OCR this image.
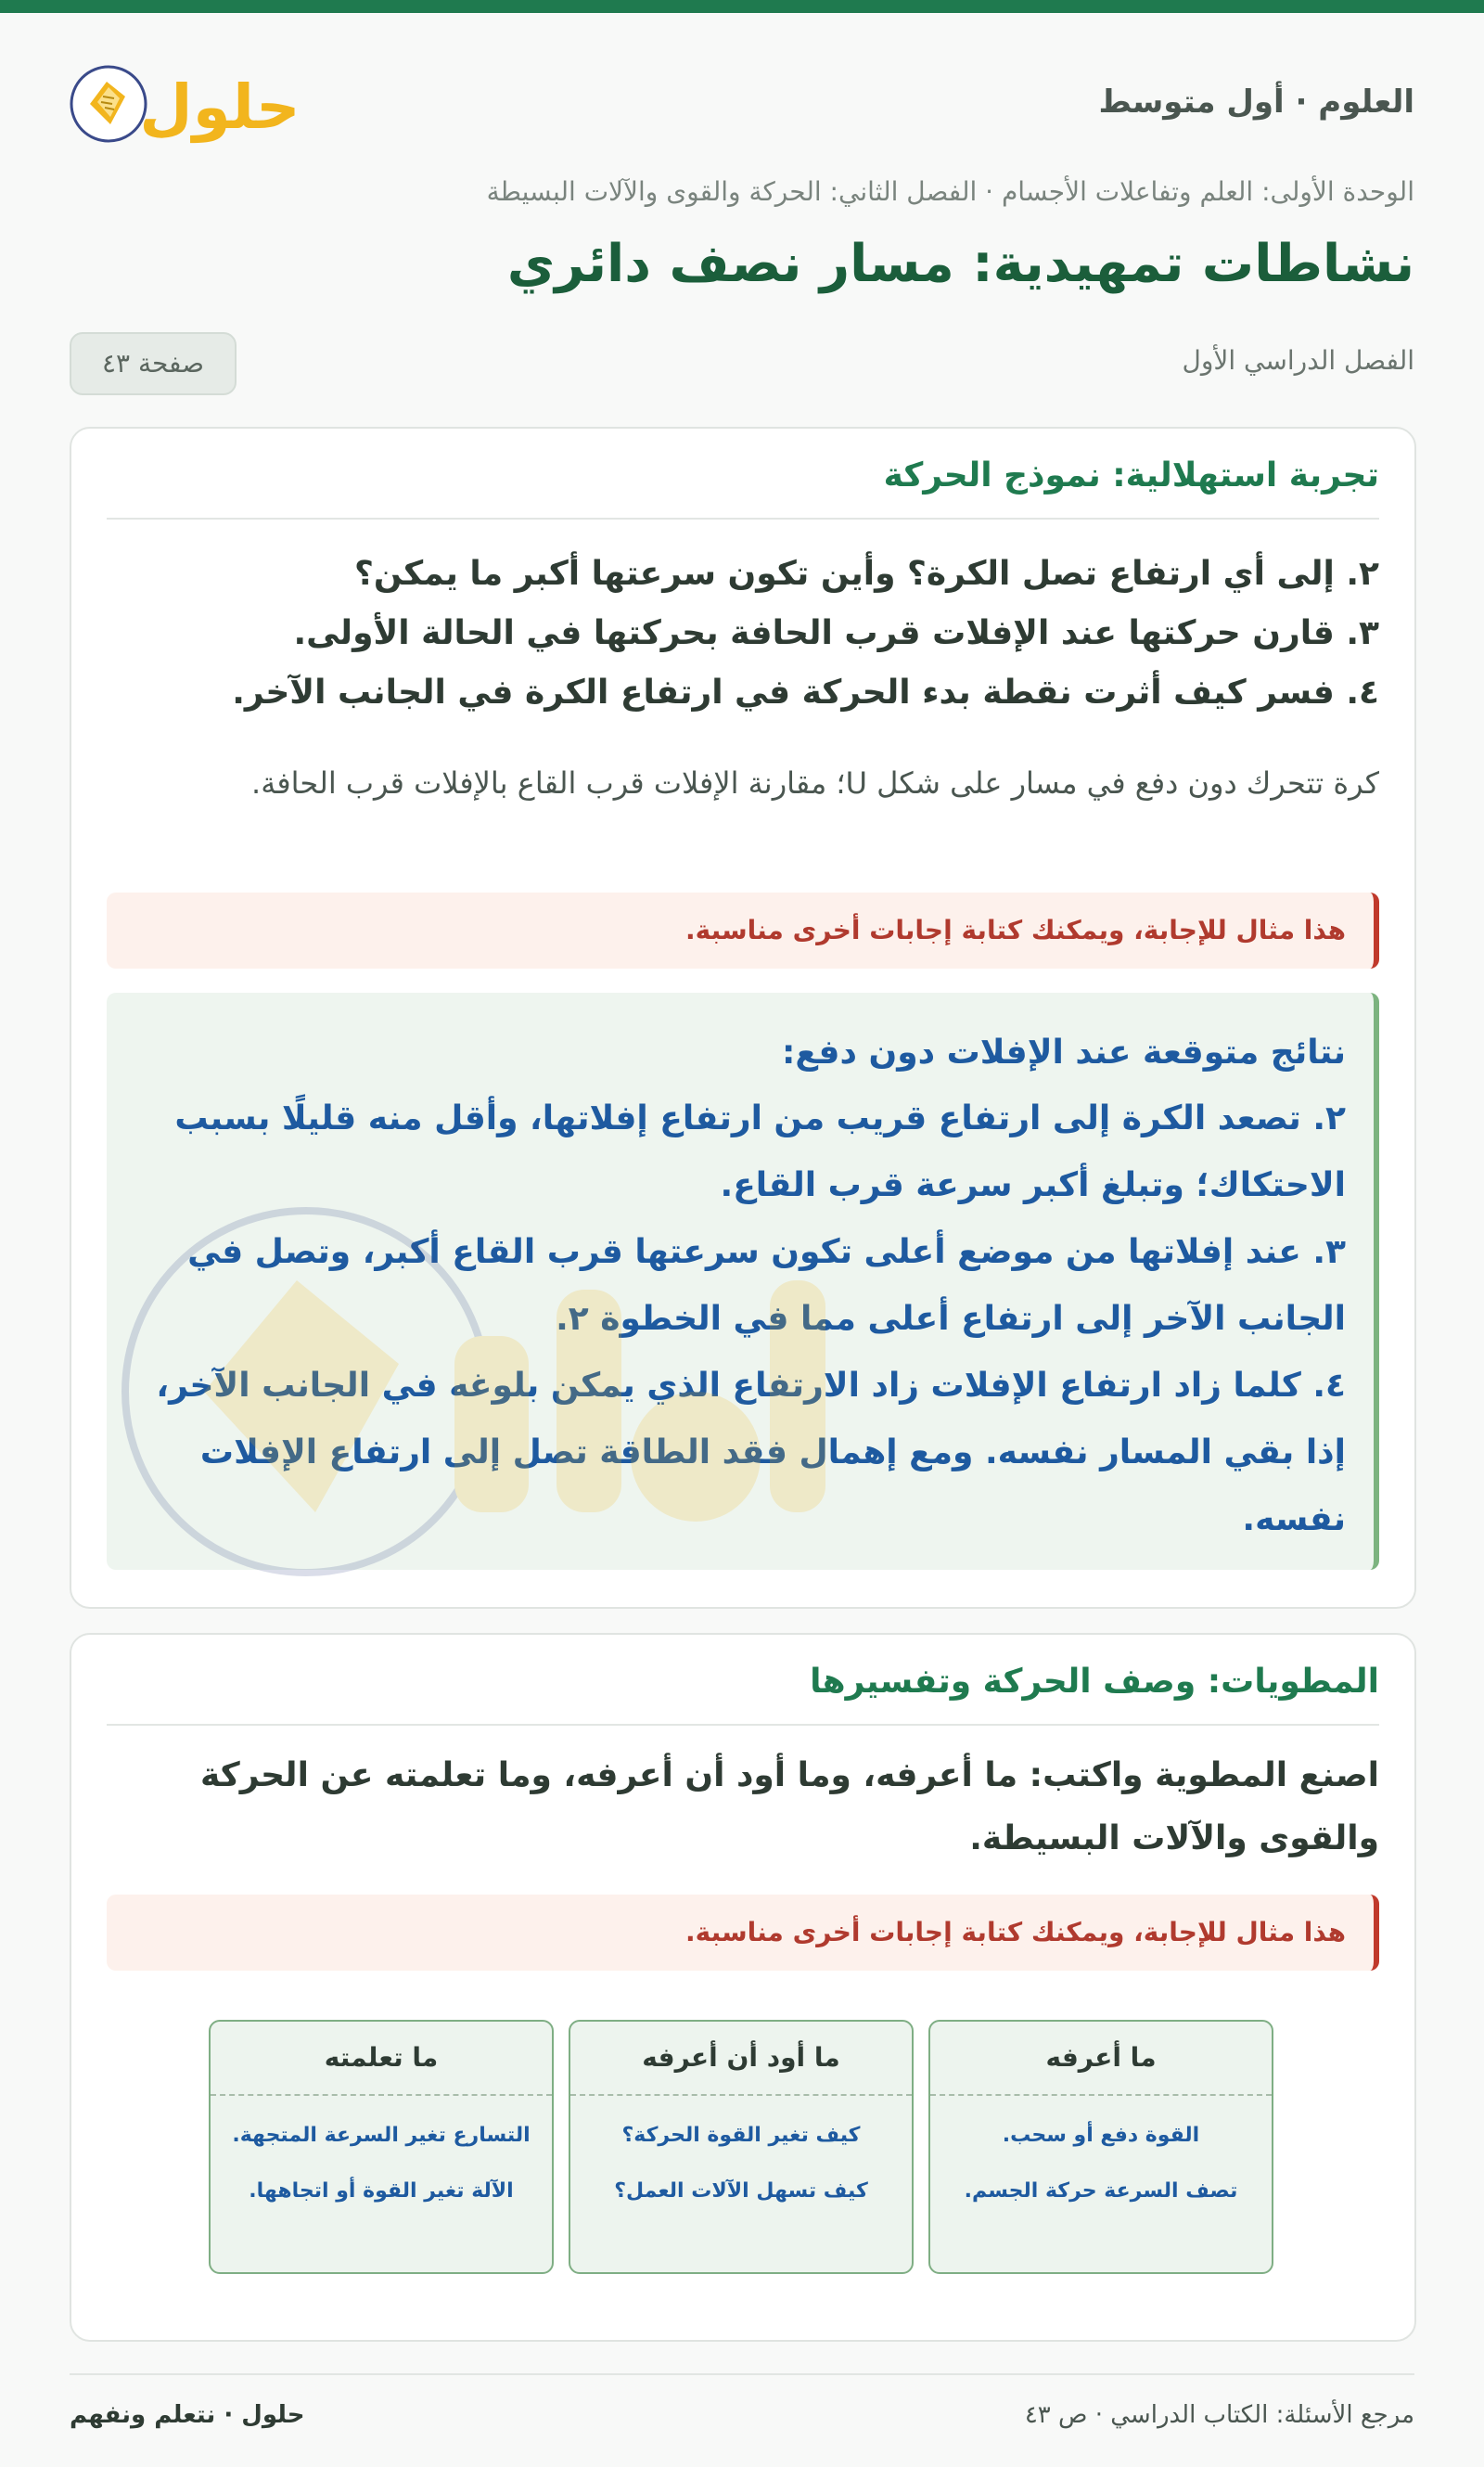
العلوم · أول متوسط
حلول
الوحدة الأولى: العلم وتفاعلات الأجسام · الفصل الثاني: الحركة والقوى والآلات البسيطة
نشاطات تمهيدية: مسار نصف دائري
الفصل الدراسي الأول
صفحة ٤٣
تجربة استهلالية: نموذج الحركة
٢. إلى أي ارتفاع تصل الكرة؟ وأين تكون سرعتها أكبر ما يمكن؟
٣. قارن حركتها عند الإفلات قرب الحافة بحركتها في الحالة الأولى.
٤. فسر كيف أثرت نقطة بدء الحركة في ارتفاع الكرة في الجانب الآخر.
كرة تتحرك دون دفع في مسار على شكل U؛ مقارنة الإفلات قرب القاع بالإفلات قرب الحافة.
هذا مثال للإجابة، ويمكنك كتابة إجابات أخرى مناسبة.
نتائج متوقعة عند الإفلات دون دفع:
٢. تصعد الكرة إلى ارتفاع قريب من ارتفاع إفلاتها، وأقل منه قليلًا بسبب الاحتكاك؛ وتبلغ أكبر سرعة قرب القاع.
٣. عند إفلاتها من موضع أعلى تكون سرعتها قرب القاع أكبر، وتصل في الجانب الآخر إلى ارتفاع أعلى مما في الخطوة ٢.
٤. كلما زاد ارتفاع الإفلات زاد الارتفاع الذي يمكن بلوغه في الجانب الآخر، إذا بقي المسار نفسه. ومع إهمال فقد الطاقة تصل إلى ارتفاع الإفلات نفسه.
المطويات: وصف الحركة وتفسيرها
اصنع المطوية واكتب: ما أعرفه، وما أود أن أعرفه، وما تعلمته عن الحركة والقوى والآلات البسيطة.
هذا مثال للإجابة، ويمكنك كتابة إجابات أخرى مناسبة.
ما أعرفه
القوة دفع أو سحب.
تصف السرعة حركة الجسم.
ما أود أن أعرفه
كيف تغير القوة الحركة؟
كيف تسهل الآلات العمل؟
ما تعلمته
التسارع تغير السرعة المتجهة.
الآلة تغير القوة أو اتجاهها.
مرجع الأسئلة: الكتاب الدراسي · ص ٤٣
حلول · نتعلم ونفهم
